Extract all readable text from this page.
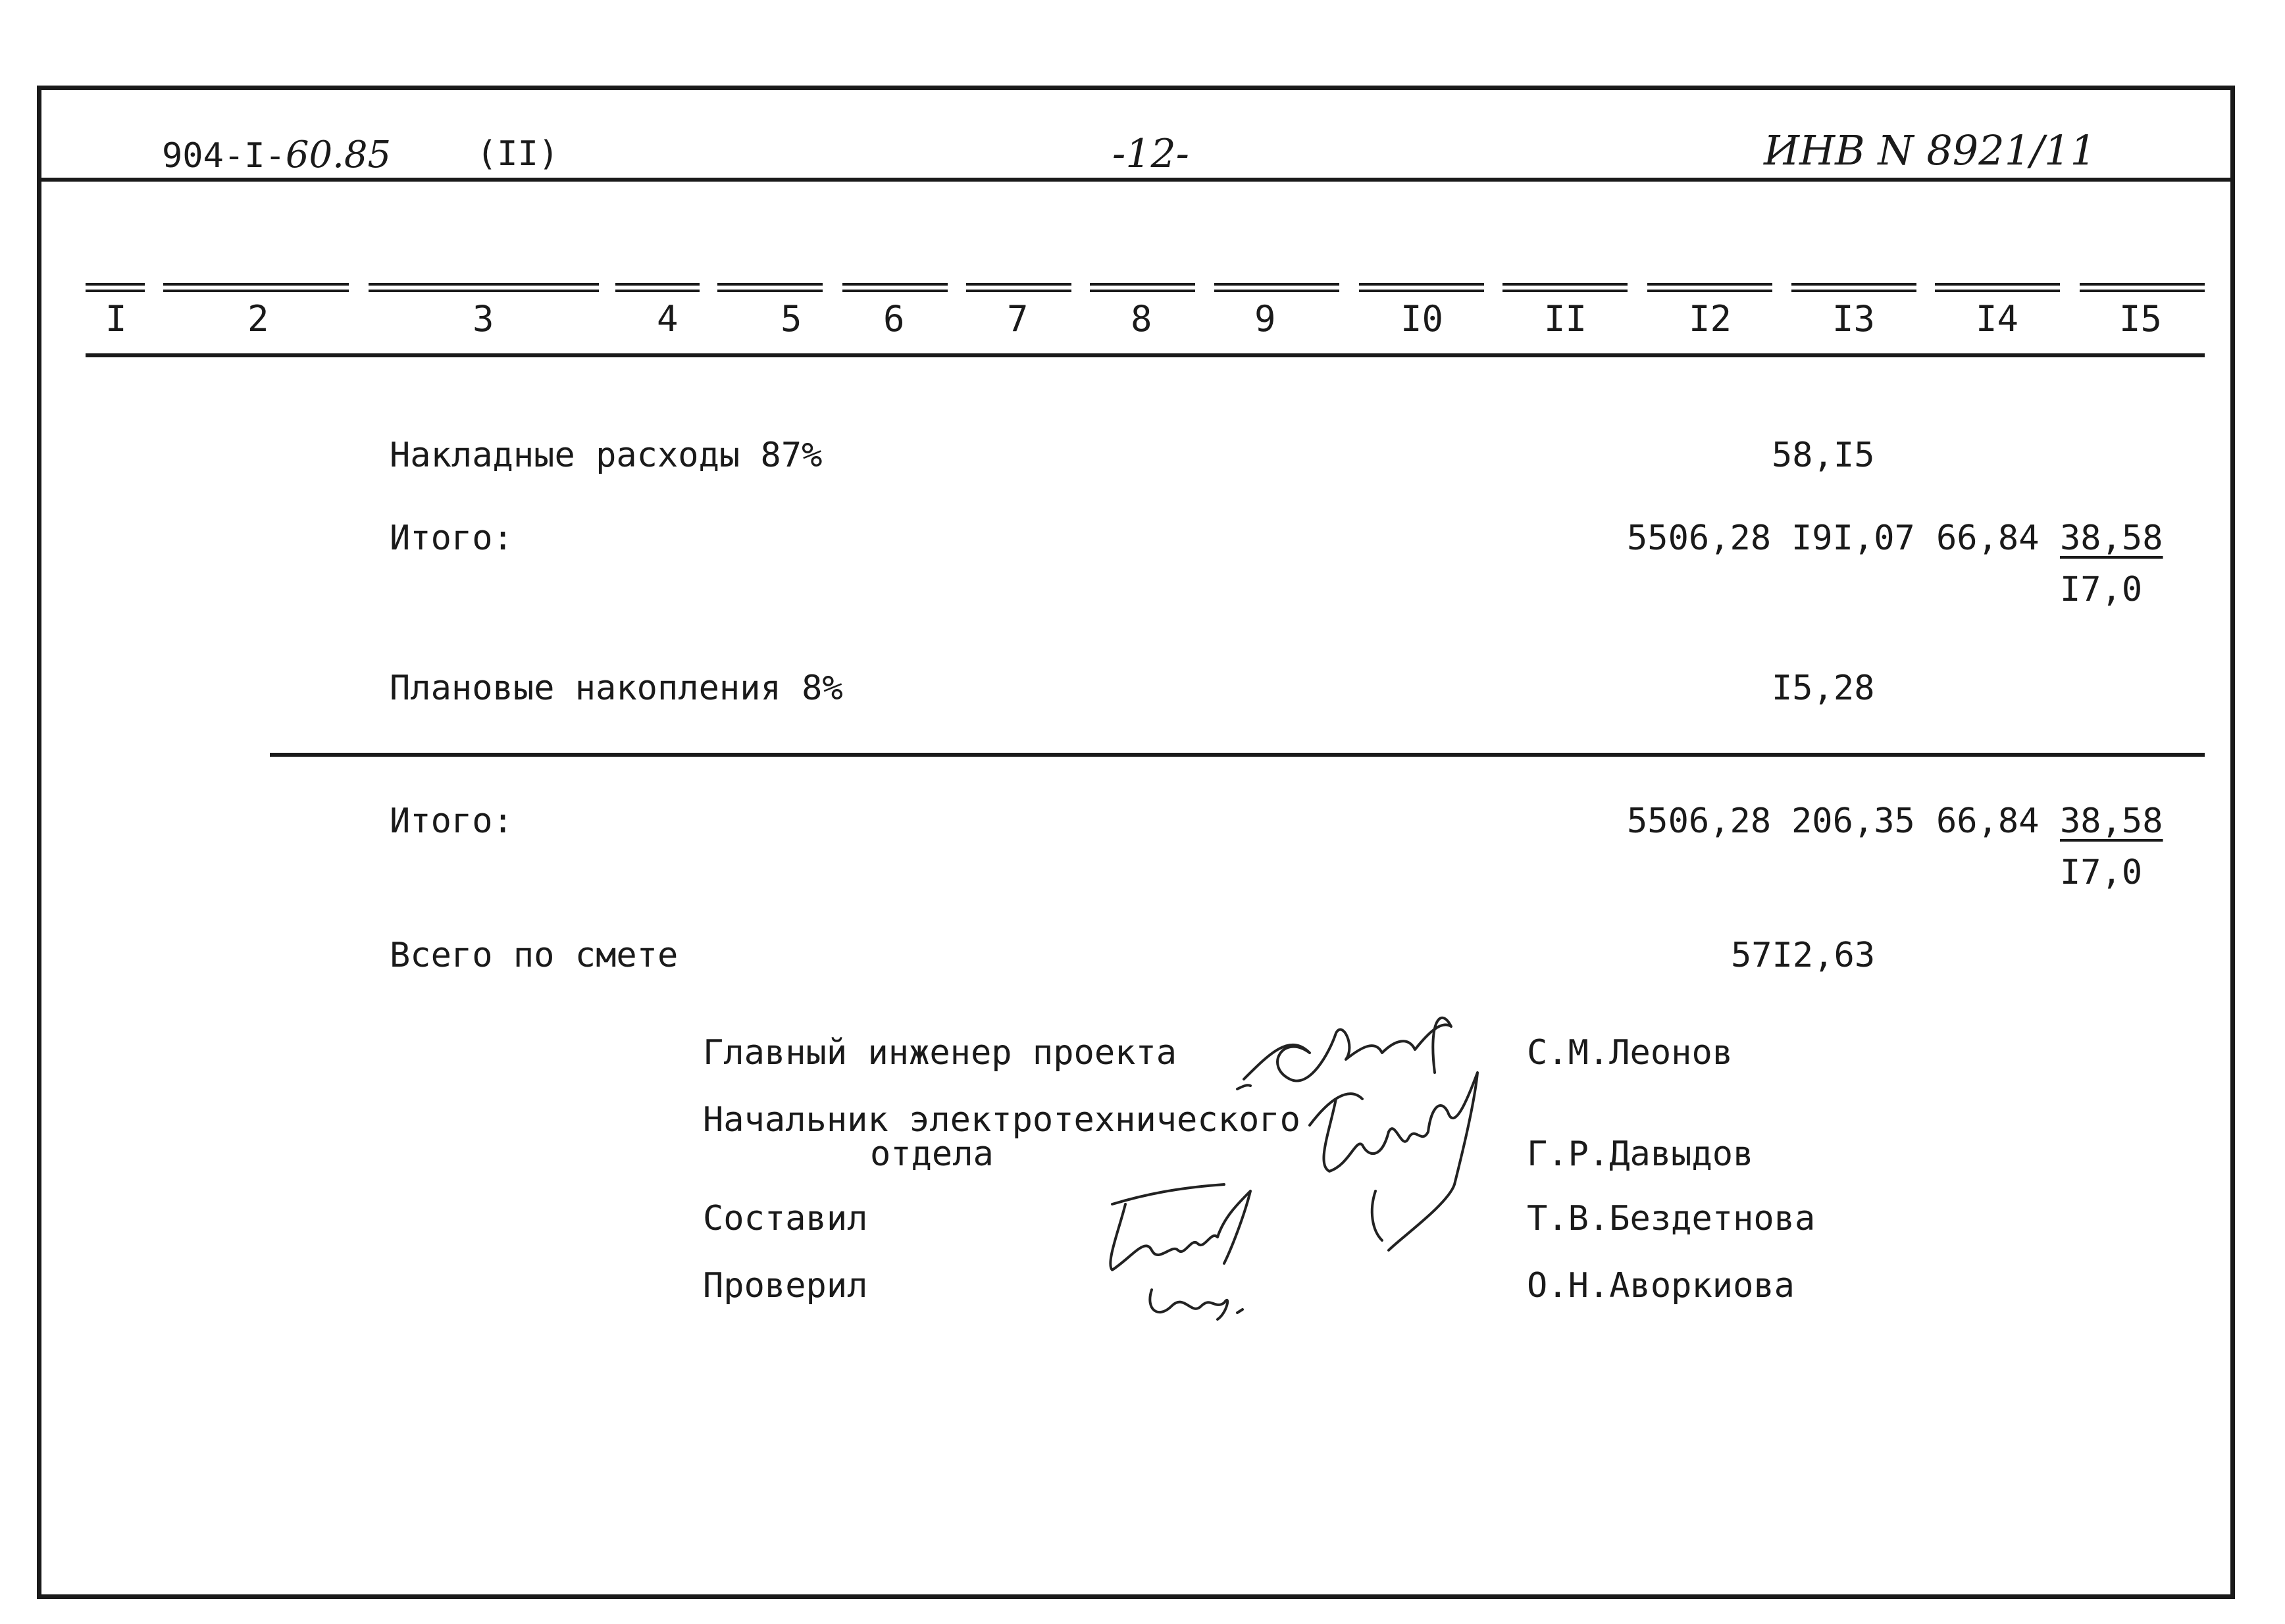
904-I-60.85 (II)	-12-	ИНВ N 8921/11
I	2	3	4	5 6	7	8	9	I0	II	I2	I3	I4	I5
Накладные расходы 87%	58,I5
Итого:	5506,28 I9I,07 66,84 38,58
I7,0
Плановые накопления 8%	I5,28
Итого:	5506,28 206,35 66,84 38,58
I7,0
Всего по смете	57I2,63
Главный инженер проекта	С.М.Леонов
Начальник электротехнического
отдела	Г.Р.Давыдов
Составил	Т.В.Бездетнова
Проверил	О.Н.Аворкиова
